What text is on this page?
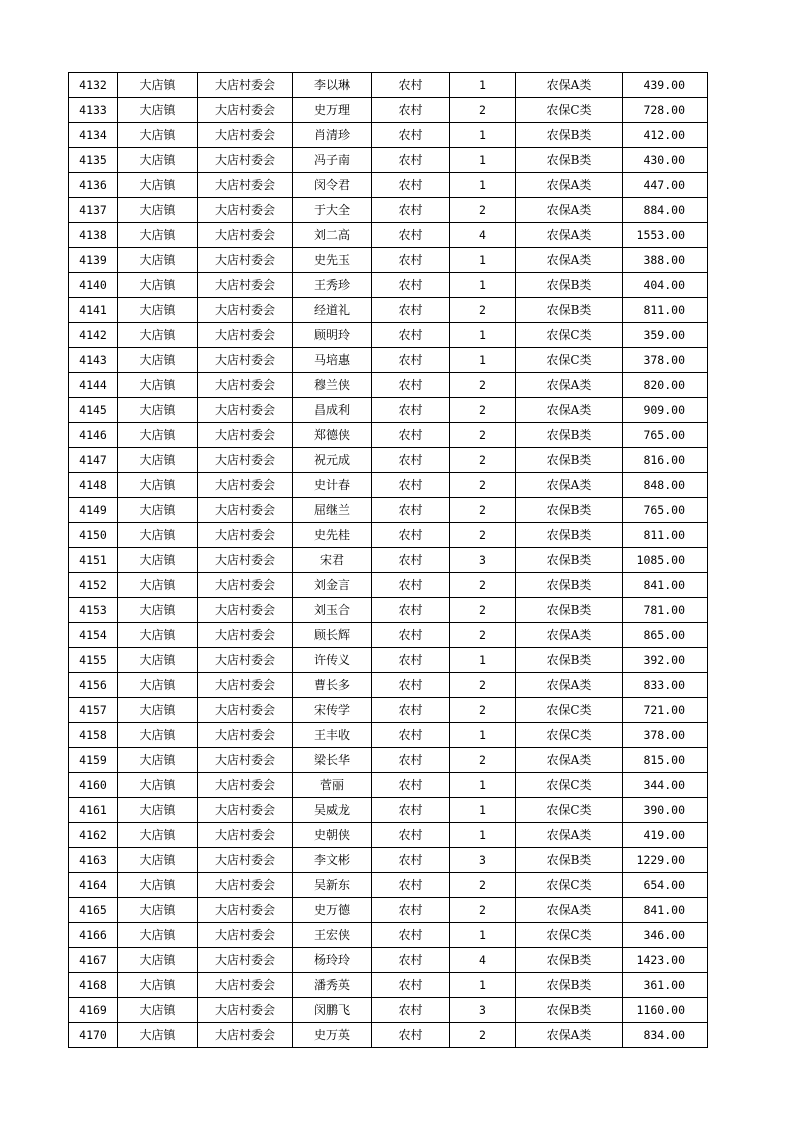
4132	大店镇	大店村委会	李以琳	农村	1	农保A类	439.00
4133	大店镇	大店村委会	史万理	农村	2	农保C类	728.00
4134	大店镇	大店村委会	肖清珍	农村	1	农保B类	412.00
4135	大店镇	大店村委会	冯子南	农村	1	农保B类	430.00
4136	大店镇	大店村委会	闵令君	农村	1	农保A类	447.00
4137	大店镇	大店村委会	于大全	农村	2	农保A类	884.00
4138	大店镇	大店村委会	刘二高	农村	4	农保A类	1553.00
4139	大店镇	大店村委会	史先玉	农村	1	农保A类	388.00
4140	大店镇	大店村委会	王秀珍	农村	1	农保B类	404.00
4141	大店镇	大店村委会	经道礼	农村	2	农保B类	811.00
4142	大店镇	大店村委会	顾明玲	农村	1	农保C类	359.00
4143	大店镇	大店村委会	马培惠	农村	1	农保C类	378.00
4144	大店镇	大店村委会	穆兰侠	农村	2	农保A类	820.00
4145	大店镇	大店村委会	昌成利	农村	2	农保A类	909.00
4146	大店镇	大店村委会	郑德侠	农村	2	农保B类	765.00
4147	大店镇	大店村委会	祝元成	农村	2	农保B类	816.00
4148	大店镇	大店村委会	史计春	农村	2	农保A类	848.00
4149	大店镇	大店村委会	屈继兰	农村	2	农保B类	765.00
4150	大店镇	大店村委会	史先桂	农村	2	农保B类	811.00
4151	大店镇	大店村委会	宋君	农村	3	农保B类	1085.00
4152	大店镇	大店村委会	刘金言	农村	2	农保B类	841.00
4153	大店镇	大店村委会	刘玉合	农村	2	农保B类	781.00
4154	大店镇	大店村委会	顾长辉	农村	2	农保A类	865.00
4155	大店镇	大店村委会	许传义	农村	1	农保B类	392.00
4156	大店镇	大店村委会	曹长多	农村	2	农保A类	833.00
4157	大店镇	大店村委会	宋传学	农村	2	农保C类	721.00
4158	大店镇	大店村委会	王丰收	农村	1	农保C类	378.00
4159	大店镇	大店村委会	梁长华	农村	2	农保A类	815.00
4160	大店镇	大店村委会	菅丽	农村	1	农保C类	344.00
4161	大店镇	大店村委会	吴威龙	农村	1	农保C类	390.00
4162	大店镇	大店村委会	史朝侠	农村	1	农保A类	419.00
4163	大店镇	大店村委会	李文彬	农村	3	农保B类	1229.00
4164	大店镇	大店村委会	吴新东	农村	2	农保C类	654.00
4165	大店镇	大店村委会	史万德	农村	2	农保A类	841.00
4166	大店镇	大店村委会	王宏侠	农村	1	农保C类	346.00
4167	大店镇	大店村委会	杨玲玲	农村	4	农保B类	1423.00
4168	大店镇	大店村委会	潘秀英	农村	1	农保B类	361.00
4169	大店镇	大店村委会	闵鹏飞	农村	3	农保B类	1160.00
4170	大店镇	大店村委会	史万英	农村	2	农保A类	834.00
